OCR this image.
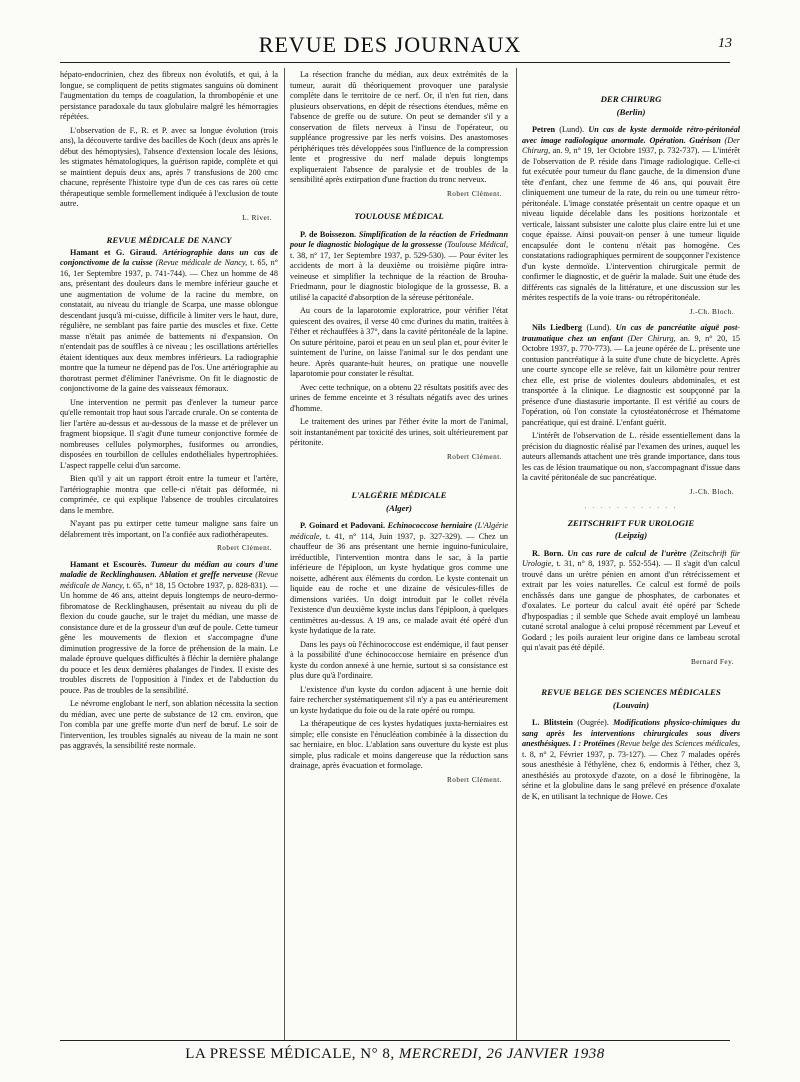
REVUE DES JOURNAUX	13

hépato-endocrinien, chez des fibreux non évolutifs, et qui, à la longue, se compliquent de petits stigmates sanguins où dominent l'augmentation du temps de coagulation, la thrombopénie et une persistance paradoxale du taux globulaire malgré les hémorragies répétées.

L'observation de F., R. et P. avec sa longue évolution (trois ans), la découverte tardive des bacilles de Koch (deux ans après le début des hémoptysies), l'absence d'extension locale des lésions, les stigmates hématologiques, la guérison rapide, complète et qui se maintient depuis deux ans, après 7 transfusions de 200 cmc chacune, représente l'histoire type d'un de ces cas rares où cette thérapeutique semble formellement indiquée à l'exclusion de toute autre.

L. Rivet.

REVUE MÉDICALE DE NANCY

Hamant et G. Giraud. Artériographie dans un cas de conjonctivome de la cuisse (Revue médicale de Nancy, t. 65, n° 16, 1er Septembre 1937, p. 741-744). — Chez un homme de 48 ans, présentant des douleurs dans le membre inférieur gauche et une augmentation de volume de la racine du membre, on constatait, au niveau du triangle de Scarpa, une masse oblongue descendant jusqu'à mi-cuisse, difficile à limiter vers le haut, dure, régulière, ne semblant pas faire partie des muscles et fixe. Cette masse n'était pas animée de battements ni d'expansion. On n'entendait pas de souffles à ce niveau ; les oscillations artérielles étaient identiques aux deux membres inférieurs. La radiographie montre que la tumeur ne dépend pas de l'os. Une artériographie au thorotrast permet d'éliminer l'anévrisme. On fit le diagnostic de conjonctivome de la gaine des vaisseaux fémoraux.

Une intervention ne permit pas d'enlever la tumeur parce qu'elle remontait trop haut sous l'arcade crurale. On se contenta de lier l'artère au-dessus et au-dessous de la masse et de prélever un fragment biopsique. Il s'agit d'une tumeur conjonctive formée de nombreuses cellules polymorphes, fusiformes ou arrondies, disposées en tourbillon de cellules endothéliales hypertrophiées. L'aspect rappelle celui d'un sarcome.

Bien qu'il y ait un rapport étroit entre la tumeur et l'artère, l'artériographie montra que celle-ci n'était pas déformée, ni comprimée, ce qui explique l'absence de troubles circulatoires dans le membre.

N'ayant pas pu extirper cette tumeur maligne sans faire un délabrement très important, on l'a confiée aux radiothérapeutes.

Robert Clément.

Hamant et Escourès. Tumeur du médian au cours d'une maladie de Recklinghausen. Ablation et greffe nerveuse (Revue médicale de Nancy, t. 65, n° 18, 15 Octobre 1937, p. 828-831). — Un homme de 46 ans, atteint depuis longtemps de neuro-dermo-fibromatose de Recklinghausen, présentait au niveau du pli de flexion du coude gauche, sur le trajet du médian, une masse de consistance dure et de la grosseur d'un œuf de poule. Cette tumeur gêne les mouvements de flexion et s'accompagne d'une diminution progressive de la force de préhension de la main. Le malade éprouve quelques difficultés à fléchir la dernière phalange du pouce et les deux dernières phalanges de l'index. Il existe des troubles discrets de l'opposition à l'index et de l'abduction du pouce. Pas de troubles de la sensibilité.

Le névrome englobant le nerf, son ablation nécessita la section du médian, avec une perte de substance de 12 cm. environ, que l'on combla par une greffe morte d'un nerf de bœuf. Le soir de l'intervention, les troubles signalés au niveau de la main ne sont pas aggravés, la sensibilité reste normale.

La résection franche du médian, aux deux extrémités de la tumeur, aurait dû théoriquement provoquer une paralysie complète dans le territoire de ce nerf. Or, il n'en fut rien, dans plusieurs observations, en dépit de résections étendues, même en l'absence de greffe ou de suture. On peut se demander s'il y a conservation de filets nerveux à l'insu de l'opérateur, ou suppléance progressive par les nerfs voisins. Des anastomoses périphériques très développées sous l'influence de la compression lente et progressive du nerf malade depuis longtemps expliqueraient l'absence de paralysie et de troubles de la sensibilité après extirpation d'une fraction du tronc nerveux.

Robert Clément.

TOULOUSE MÉDICAL

P. de Boissezon. Simplification de la réaction de Friedmann pour le diagnostic biologique de la grossesse (Toulouse Médical, t. 38, n° 17, 1er Septembre 1937, p. 529-530). — Pour éviter les accidents de mort à la deuxième ou troisième piqûre intra-veineuse et simplifier la technique de la réaction de Brouha-Friedmann, pour le diagnostic biologique de la grossesse, B. a utilisé la capacité d'absorption de la séreuse péritonéale.

Au cours de la laparotomie exploratrice, pour vérifier l'état quiescent des ovaires, il verse 40 cmc d'urines du matin, traitées à l'éther et réchauffées à 37°, dans la cavité péritonéale de la lapine. On suture péritoine, paroi et peau en un seul plan et, pour éviter le suintement de l'urine, on laisse l'animal sur le dos pendant une heure. Après quarante-huit heures, on pratique une nouvelle laparotomie pour constater le résultat.

Avec cette technique, on a obtenu 22 résultats positifs avec des urines de femme enceinte et 3 résultats négatifs avec des urines d'homme.

Le traitement des urines par l'éther évite la mort de l'animal, soit instantanément par toxicité des urines, soit ultérieurement par péritonite.

Robert Clément.

L'ALGÉRIE MÉDICALE

(Alger)

P. Goinard et Padovani. Echinococcose herniaire (L'Algérie médicale, t. 41, n° 114, Juin 1937, p. 327-329). — Chez un chauffeur de 36 ans présentant une hernie inguino-funiculaire, irréductible, l'intervention montra dans le sac, à la partie inférieure de l'épiploon, un kyste hydatique gros comme une noisette, adhérent aux éléments du cordon. Le kyste contenait un liquide eau de roche et une dizaine de vésicules-filles de dimensions variées. Un doigt introduit par le collet révéla l'existence d'un deuxième kyste inclus dans l'épiploon, à quelques centimètres au-dessus. A 19 ans, ce malade avait été opéré d'un kyste hydatique de la rate.

Dans les pays où l'échinococcose est endémique, il faut penser à la possibilité d'une échinococcose herniaire en présence d'un kyste du cordon annexé à une hernie, surtout si sa consistance est plus dure qu'à l'ordinaire.

L'existence d'un kyste du cordon adjacent à une hernie doit faire rechercher systématiquement s'il n'y a pas eu antérieurement un kyste hydatique du foie ou de la rate opéré ou rompu.

La thérapeutique de ces kystes hydatiques juxta-herniaires est simple; elle consiste en l'énucléation combinée à la dissection du sac herniaire, en bloc. L'ablation sans ouverture du kyste est plus simple, plus radicale et moins dangereuse que la réduction sans drainage, après évacuation et formolage.

Robert Clément.

DER CHIRURG

(Berlin)

Petren (Lund). Un cas de kyste dermoïde rétro-péritonéal avec image radiologique anormale. Opération. Guérison (Der Chirurg, an. 9, n° 19, 1er Octobre 1937, p. 732-737). — L'intérêt de l'observation de P. réside dans l'image radiologique. Celle-ci fut exécutée pour tumeur du flanc gauche, de la dimension d'une tête d'enfant, chez une femme de 46 ans, qui pouvait être cliniquement une tumeur de la rate, du rein ou une tumeur rétro-péritonéale. L'image constatée présentait un centre opaque et un niveau liquide décelable dans les positions horizontale et verticale, laissant subsister une calotte plus claire entre lui et une coque épaisse. Ainsi pouvait-on penser à une tumeur liquide encapsulée dont le contenu n'était pas homogène. Ces constatations radiographiques permirent de soupçonner l'existence d'un kyste dermoïde. L'intervention chirurgicale permit de confirmer le diagnostic, et de guérir la malade. Suit une étude des différents cas signalés de la littérature, et une discussion sur les mérites respectifs de la voie trans- ou rétropéritonéale.

J.-Ch. Bloch.

Nils Liedberg (Lund). Un cas de pancréatite aiguë post-traumatique chez un enfant (Der Chirurg, an. 9, n° 20, 15 Octobre 1937, p. 770-773). — La jeune opérée de L. présente une contusion pancréatique à la suite d'une chute de bicyclette. Après une courte syncope elle se relève, fait un kilomètre pour rentrer chez elle, est prise de violentes douleurs abdominales, et est transportée à la clinique. Le diagnostic est soupçonné par la présence d'une diastasurie importante. Il est vérifié au cours de l'opération, où l'on constate la cytostéatonécrose et l'hématome pancréatique, qui est drainé. L'enfant guérit.

L'intérêt de l'observation de L. réside essentiellement dans la précision du diagnostic réalisé par l'examen des urines, auquel les auteurs allemands attachent une très grande importance, dans tous les cas de lésion traumatique ou non, s'accompagnant d'issue dans la cavité péritonéale de suc pancréatique.

J.-Ch. Bloch.

· · · · · · · · · · · ·

ZEITSCHRIFT FUR UROLOGIE

(Leipzig)

R. Born. Un cas rare de calcul de l'urètre (Zeitschrift für Urologie, t. 31, n° 8, 1937, p. 552-554). — Il s'agit d'un calcul trouvé dans un urètre pénien en amont d'un rétrécissement et extrait par les voies naturelles. Ce calcul est formé de poils enchâssés dans une gangue de phosphates, de carbonates et d'oxalates. Le porteur du calcul avait été opéré par Schede d'hypospadias ; il semble que Schede avait employé un lambeau cutané scrotal analogue à celui proposé récemment par Leveuf et Godard ; les poils auraient leur origine dans ce lambeau scrotal qui n'avait pas été dépilé.

Bernard Fey.

REVUE BELGE DES SCIENCES MÉDICALES

(Louvain)

L. Blitstein (Ougrée). Modifications physico-chimiques du sang après les interventions chirurgicales sous divers anesthésiques. I : Protéines (Revue belge des Sciences médicales, t. 8, n° 2, Février 1937, p. 73-127). — Chez 7 malades opérés sous anesthésie à l'éthylène, chez 6, endormis à l'éther, chez 3, anesthésiés au protoxyde d'azote, on a dosé le fibrinogène, la sérine et la globuline dans le sang prélevé en présence d'oxalate de K, en utilisant la technique de Howe. Ces

LA PRESSE MÉDICALE, N° 8, MERCREDI, 26 JANVIER 1938
